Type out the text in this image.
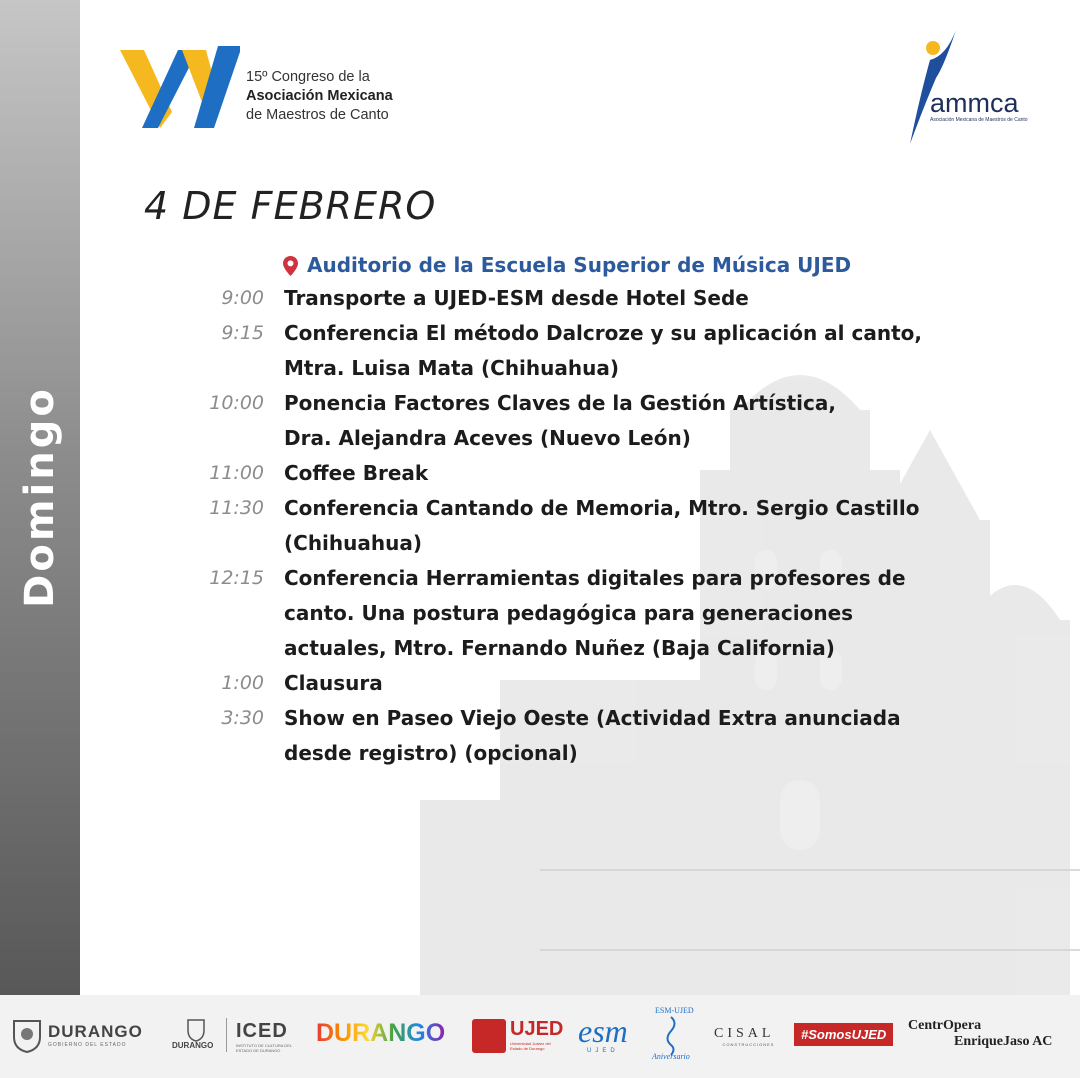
Domingo
15º Congreso de la
Asociación Mexicana
de Maestros de Canto	ammca
Asociación Mexicana de Maestros de Canto
4 DE FEBRERO
Auditorio de la Escuela Superior de Música UJED
9:00 Transporte a UJED-ESM desde Hotel Sede
9:15 Conferencia El método Dalcroze y su aplicación al canto, Mtra. Luisa Mata (Chihuahua)
10:00 Ponencia Factores Claves de la Gestión Artística, Dra. Alejandra Aceves (Nuevo León)
11:00 Coffee Break
11:30 Conferencia Cantando de Memoria, Mtro. Sergio Castillo (Chihuahua)
12:15 Conferencia Herramientas digitales para profesores de canto. Una postura pedagógica para generaciones actuales, Mtro. Fernando Nuñez (Baja California)
1:00 Clausura
3:30 Show en Paseo Viejo Oeste (Actividad Extra anunciada desde registro) (opcional)
DURANGO
GOBIERNO DEL ESTADO	DURANGO
ICED
INSTITUTO DE CULTURA DEL ESTADO DE DURANGO
DURANGO	UJED
Universidad Juárez del Estado de Durango	esm
UJED
ESM-UJED
Aniversario
CISAL
CONSTRUCCIONES
#SomosUJED
CentrOpera
EnriqueJaso AC
